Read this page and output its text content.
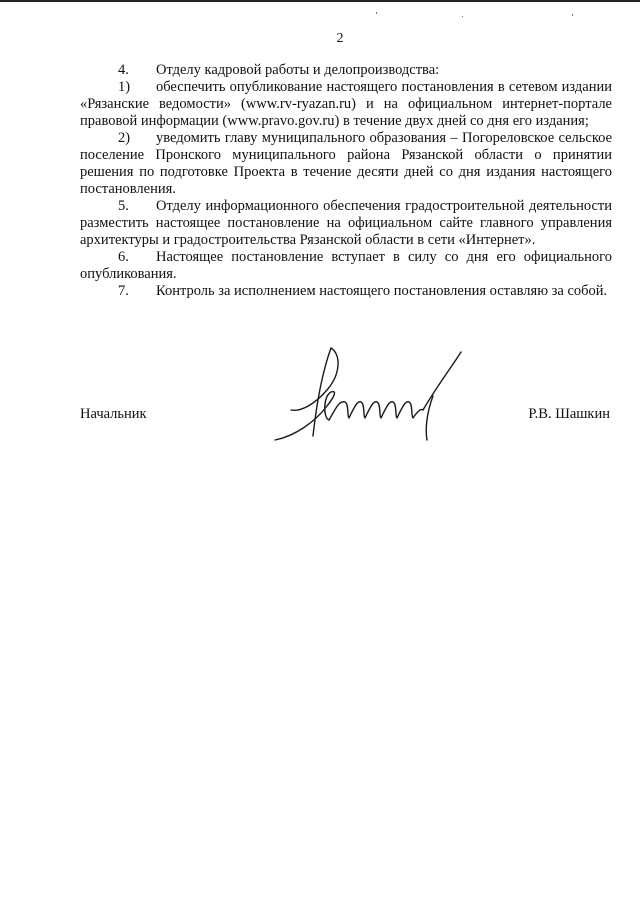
2

4. Отделу кадровой работы и делопроизводства:

1) обеспечить опубликование настоящего постановления в сетевом издании «Рязанские ведомости» (www.rv-ryazan.ru) и на официальном интернет-портале правовой информации (www.pravo.gov.ru) в течение двух дней со дня его издания;

2) уведомить главу муниципального образования – Погореловское сельское поселение Пронского муниципального района Рязанской области о принятии решения по подготовке Проекта в течение десяти дней со дня издания настоящего постановления.

5. Отделу информационного обеспечения градостроительной деятельности разместить настоящее постановление на официальном сайте главного управления архитектуры и градостроительства Рязанской области в сети «Интернет».

6. Настоящее постановление вступает в силу со дня его официального опубликования.

7. Контроль за исполнением настоящего постановления оставляю за собой.

Начальник	Р.В. Шашкин
